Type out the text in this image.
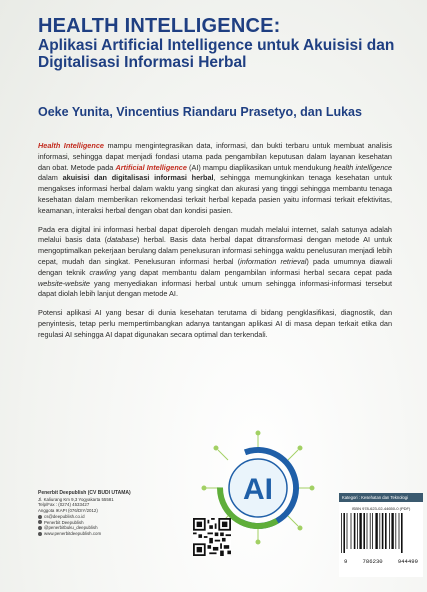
HEALTH INTELLIGENCE:
Aplikasi Artificial Intelligence untuk Akuisisi dan Digitalisasi Informasi Herbal
Oeke Yunita, Vincentius Riandaru Prasetyo, dan Lukas

Health Intelligence mampu mengintegrasikan data, informasi, dan bukti terbaru untuk membuat analisis informasi, sehingga dapat menjadi fondasi utama pada pengambilan keputusan dalam layanan kesehatan dan obat. Metode pada Artificial Intelligence (AI) mampu diaplikasikan untuk mendukung health intelligence dalam akuisisi dan digitalisasi informasi herbal, sehingga memungkinkan tenaga kesehatan untuk mengakses informasi herbal dalam waktu yang singkat dan akurasi yang tinggi sehingga membantu tenaga kesehatan dalam memberikan rekomendasi terkait herbal kepada pasien yaitu informasi terkait efektivitas, keamanan, interaksi herbal dengan obat dan kondisi pasien.

Pada era digital ini informasi herbal dapat diperoleh dengan mudah melalui internet, salah satunya adalah melalui basis data (database) herbal. Basis data herbal dapat ditransformasi dengan metode AI untuk mengoptimalkan pekerjaan berulang dalam penelusuran informasi sehingga waktu penelusuran menjadi lebih cepat, mudah dan singkat. Penelusuran informasi herbal (information retrieval) pada umumnya diawali dengan teknik crawling yang dapat membantu dalam pengambilan informasi herbal secara cepat pada website-website yang menyediakan informasi herbal untuk umum sehingga informasi-informasi tersebut dapat diolah lebih lanjut dengan metode AI.

Potensi aplikasi AI yang besar di dunia kesehatan terutama di bidang pengklasifikasi, diagnostik, dan penyintesis, tetap perlu mempertimbangkan adanya tantangan aplikasi AI di masa depan terkait etika dan regulasi AI sehingga AI dapat digunakan secara optimal dan terkendali.

AI
Penerbit Deepublish (CV BUDI UTAMA)
Jl. Kaliurang Km 9,3 Yogyakarta 55581
Telp/Fax : (0274) 4533427
Anggota IKAPI (076/DIY/2012)
cs@deepublish.co.id
Penerbit Deepublish
@penerbitbuku_deepublish
www.penerbitdeepublish.com
Kategori : Kesehatan dan Teknologi
ISBN 978-623-02-44650-0 (PDF)
9	786230	944499
